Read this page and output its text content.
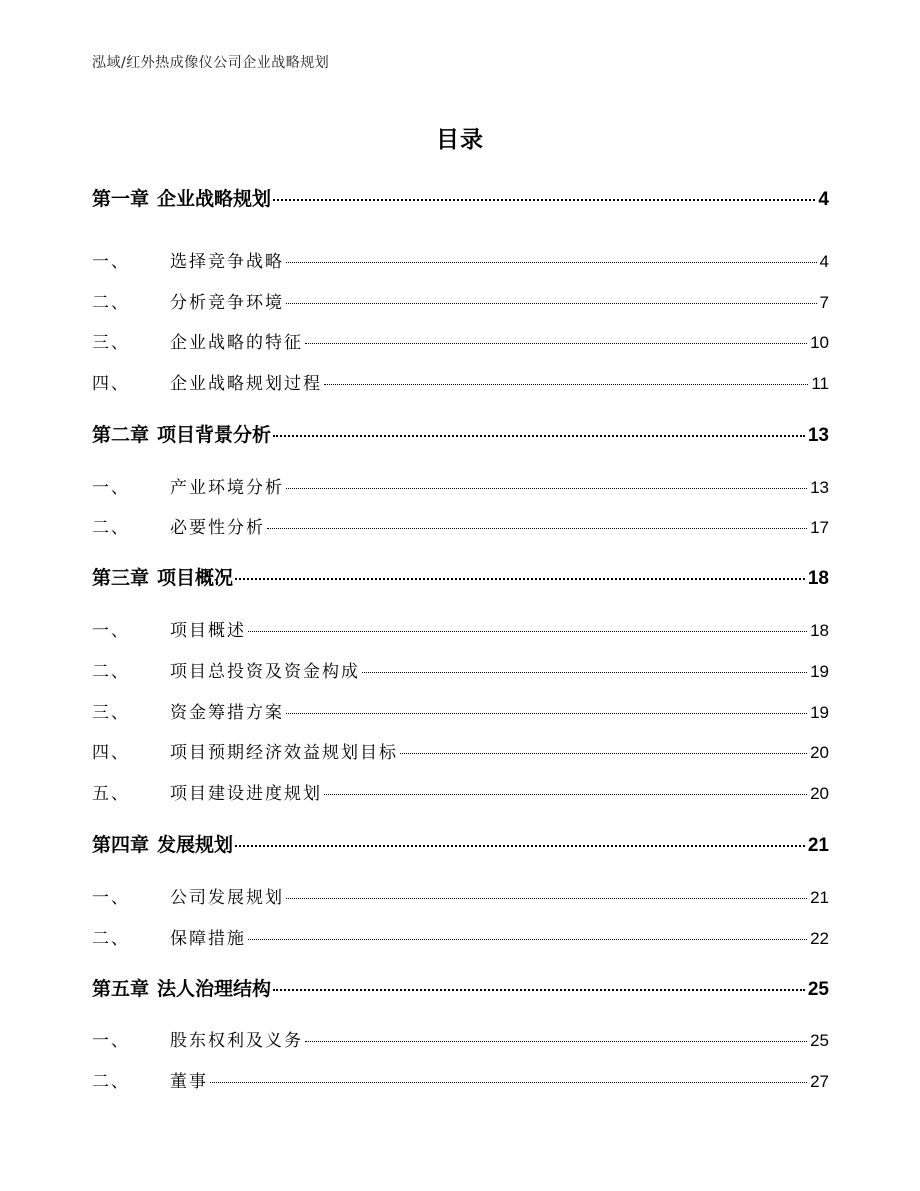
泓域/红外热成像仪公司企业战略规划
目录
第一章 企业战略规划	4
一、	选择竞争战略	4
二、	分析竞争环境	7
三、	企业战略的特征	10
四、	企业战略规划过程	11
第二章 项目背景分析	13
一、	产业环境分析	13
二、	必要性分析	17
第三章 项目概况	18
一、	项目概述	18
二、	项目总投资及资金构成	19
三、	资金筹措方案	19
四、	项目预期经济效益规划目标	20
五、	项目建设进度规划	20
第四章 发展规划	21
一、	公司发展规划	21
二、	保障措施	22
第五章 法人治理结构	25
一、	股东权利及义务	25
二、	董事	27
